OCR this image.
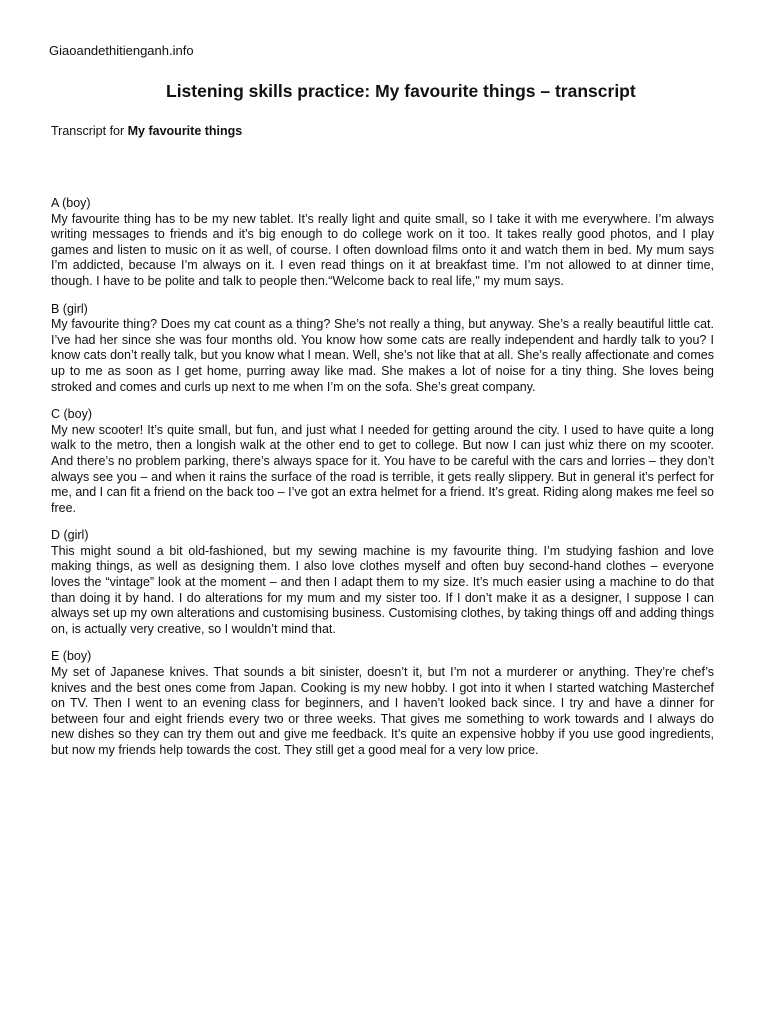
Giaoandethitienganh.info
Listening skills practice: My favourite things – transcript
Transcript for My favourite things
A (boy)
My favourite thing has to be my new tablet. It’s really light and quite small, so I take it with me everywhere. I’m always writing messages to friends and it’s big enough to do college work on it too. It takes really good photos, and I play games and listen to music on it as well, of course. I often download films onto it and watch them in bed. My mum says I’m addicted, because I’m always on it. I even read things on it at breakfast time. I’m not allowed to at dinner time, though. I have to be polite and talk to people then.“Welcome back to real life," my mum says.
B (girl)
My favourite thing? Does my cat count as a thing? She’s not really a thing, but anyway. She’s a really beautiful little cat. I’ve had her since she was four months old. You know how some cats are really independent and hardly talk to you? I know cats don’t really talk, but you know what I mean. Well, she’s not like that at all. She’s really affectionate and comes up to me as soon as I get home, purring away like mad. She makes a lot of noise for a tiny thing. She loves being stroked and comes and curls up next to me when I’m on the sofa. She’s great company.
C (boy)
My new scooter! It’s quite small, but fun, and just what I needed for getting around the city. I used to have quite a long walk to the metro, then a longish walk at the other end to get to college. But now I can just whiz there on my scooter. And there’s no problem parking, there’s always space for it. You have to be careful with the cars and lorries – they don’t always see you – and when it rains the surface of the road is terrible, it gets really slippery. But in general it’s perfect for me, and I can fit a friend on the back too – I’ve got an extra helmet for a friend. It’s great. Riding along makes me feel so free.
D (girl)
This might sound a bit old-fashioned, but my sewing machine is my favourite thing. I’m studying fashion and love making things, as well as designing them. I also love clothes myself and often buy second-hand clothes – everyone loves the “vintage” look at the moment – and then I adapt them to my size. It’s much easier using a machine to do that than doing it by hand. I do alterations for my mum and my sister too. If I don’t make it as a designer, I suppose I can always set up my own alterations and customising business. Customising clothes, by taking things off and adding things on, is actually very creative, so I wouldn’t mind that.
E (boy)
My set of Japanese knives. That sounds a bit sinister, doesn’t it, but I’m not a murderer or anything. They’re chef’s knives and the best ones come from Japan. Cooking is my new hobby. I got into it when I started watching Masterchef on TV. Then I went to an evening class for beginners, and I haven’t looked back since. I try and have a dinner for between four and eight friends every two or three weeks. That gives me something to work towards and I always do new dishes so they can try them out and give me feedback. It’s quite an expensive hobby if you use good ingredients, but now my friends help towards the cost. They still get a good meal for a very low price.
